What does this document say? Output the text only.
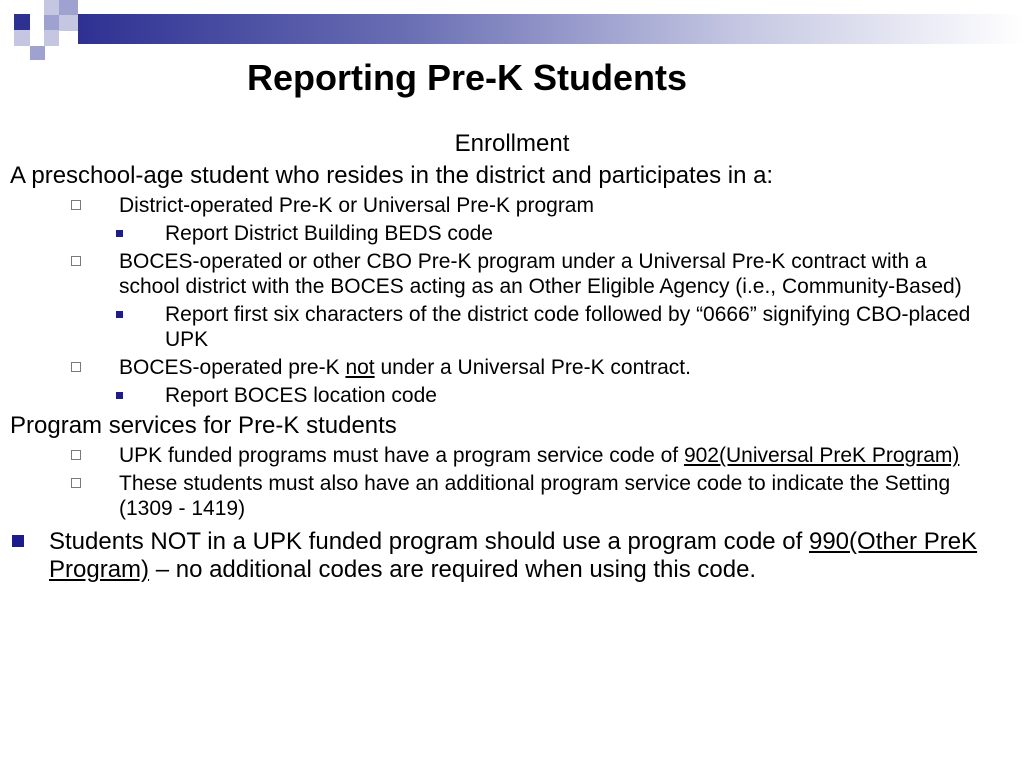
Reporting Pre-K Students
Enrollment
A preschool-age student who resides in the district and participates in a:
District-operated Pre-K or Universal Pre-K program
Report District Building BEDS code
BOCES-operated or other CBO Pre-K program under a Universal Pre-K contract with a school district with the BOCES acting as an Other Eligible Agency (i.e., Community-Based)
Report first six characters of the district code followed by “0666” signifying CBO-placed UPK
BOCES-operated pre-K not under a Universal Pre-K contract.
Report BOCES location code
Program services for Pre-K students
UPK funded programs must have a program service code of 902(Universal PreK Program)
These students must also have an additional program service code to indicate the Setting (1309 - 1419)
Students NOT in a UPK funded program should use a program code of 990(Other PreK Program) – no additional codes are required when using this code.
